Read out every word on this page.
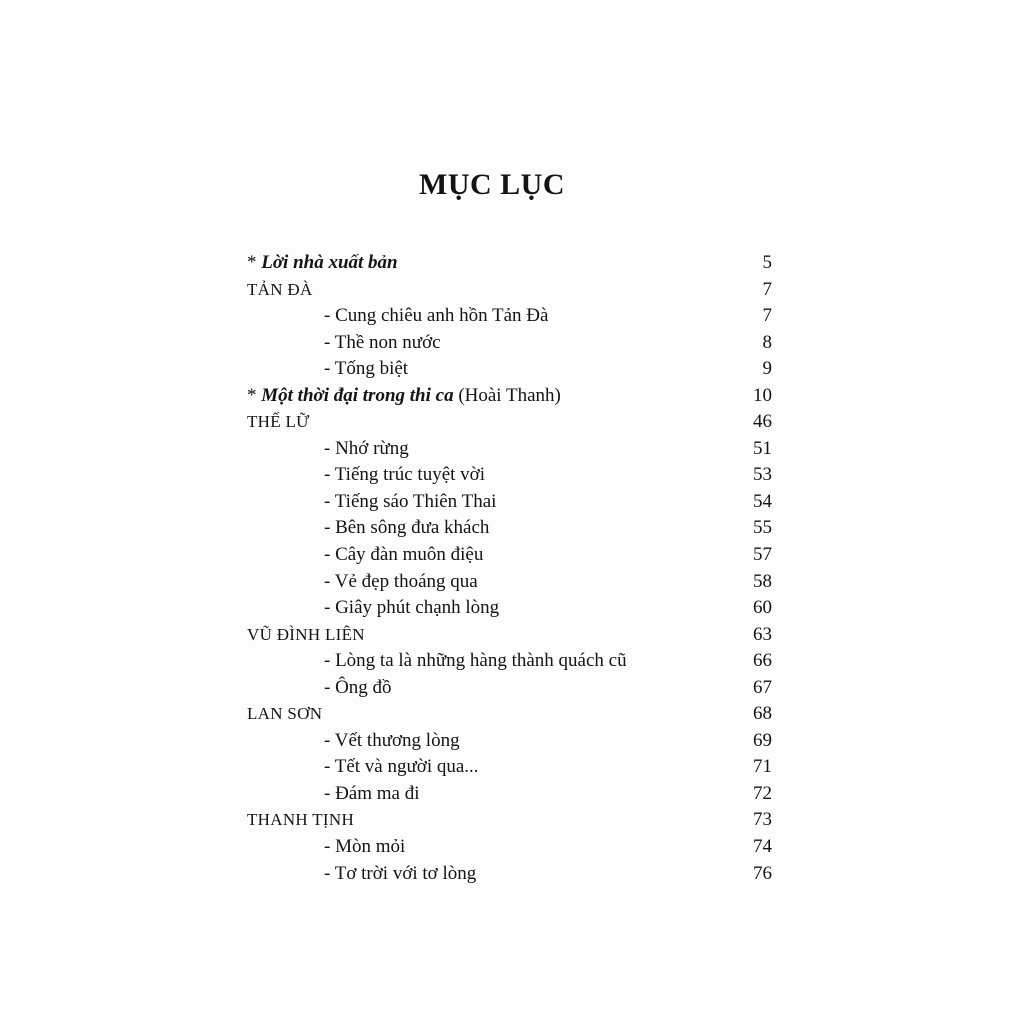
MỤC LỤC
* Lời nhà xuất bản	5
TẢN ĐÀ	7
- Cung chiêu anh hồn Tản Đà	7
- Thề non nước	8
- Tống biệt	9
* Một thời đại trong thi ca (Hoài Thanh)	10
THẾ LỮ	46
- Nhớ rừng	51
- Tiếng trúc tuyệt vời	53
- Tiếng sáo Thiên Thai	54
- Bên sông đưa khách	55
- Cây đàn muôn điệu	57
- Vẻ đẹp thoáng qua	58
- Giây phút chạnh lòng	60
VŨ ĐÌNH LIÊN	63
- Lòng ta là những hàng thành quách cũ	66
- Ông đồ	67
LAN SƠN	68
- Vết thương lòng	69
- Tết và người qua...	71
- Đám ma đi	72
THANH TỊNH	73
- Mòn mỏi	74
- Tơ trời với tơ lòng	76
